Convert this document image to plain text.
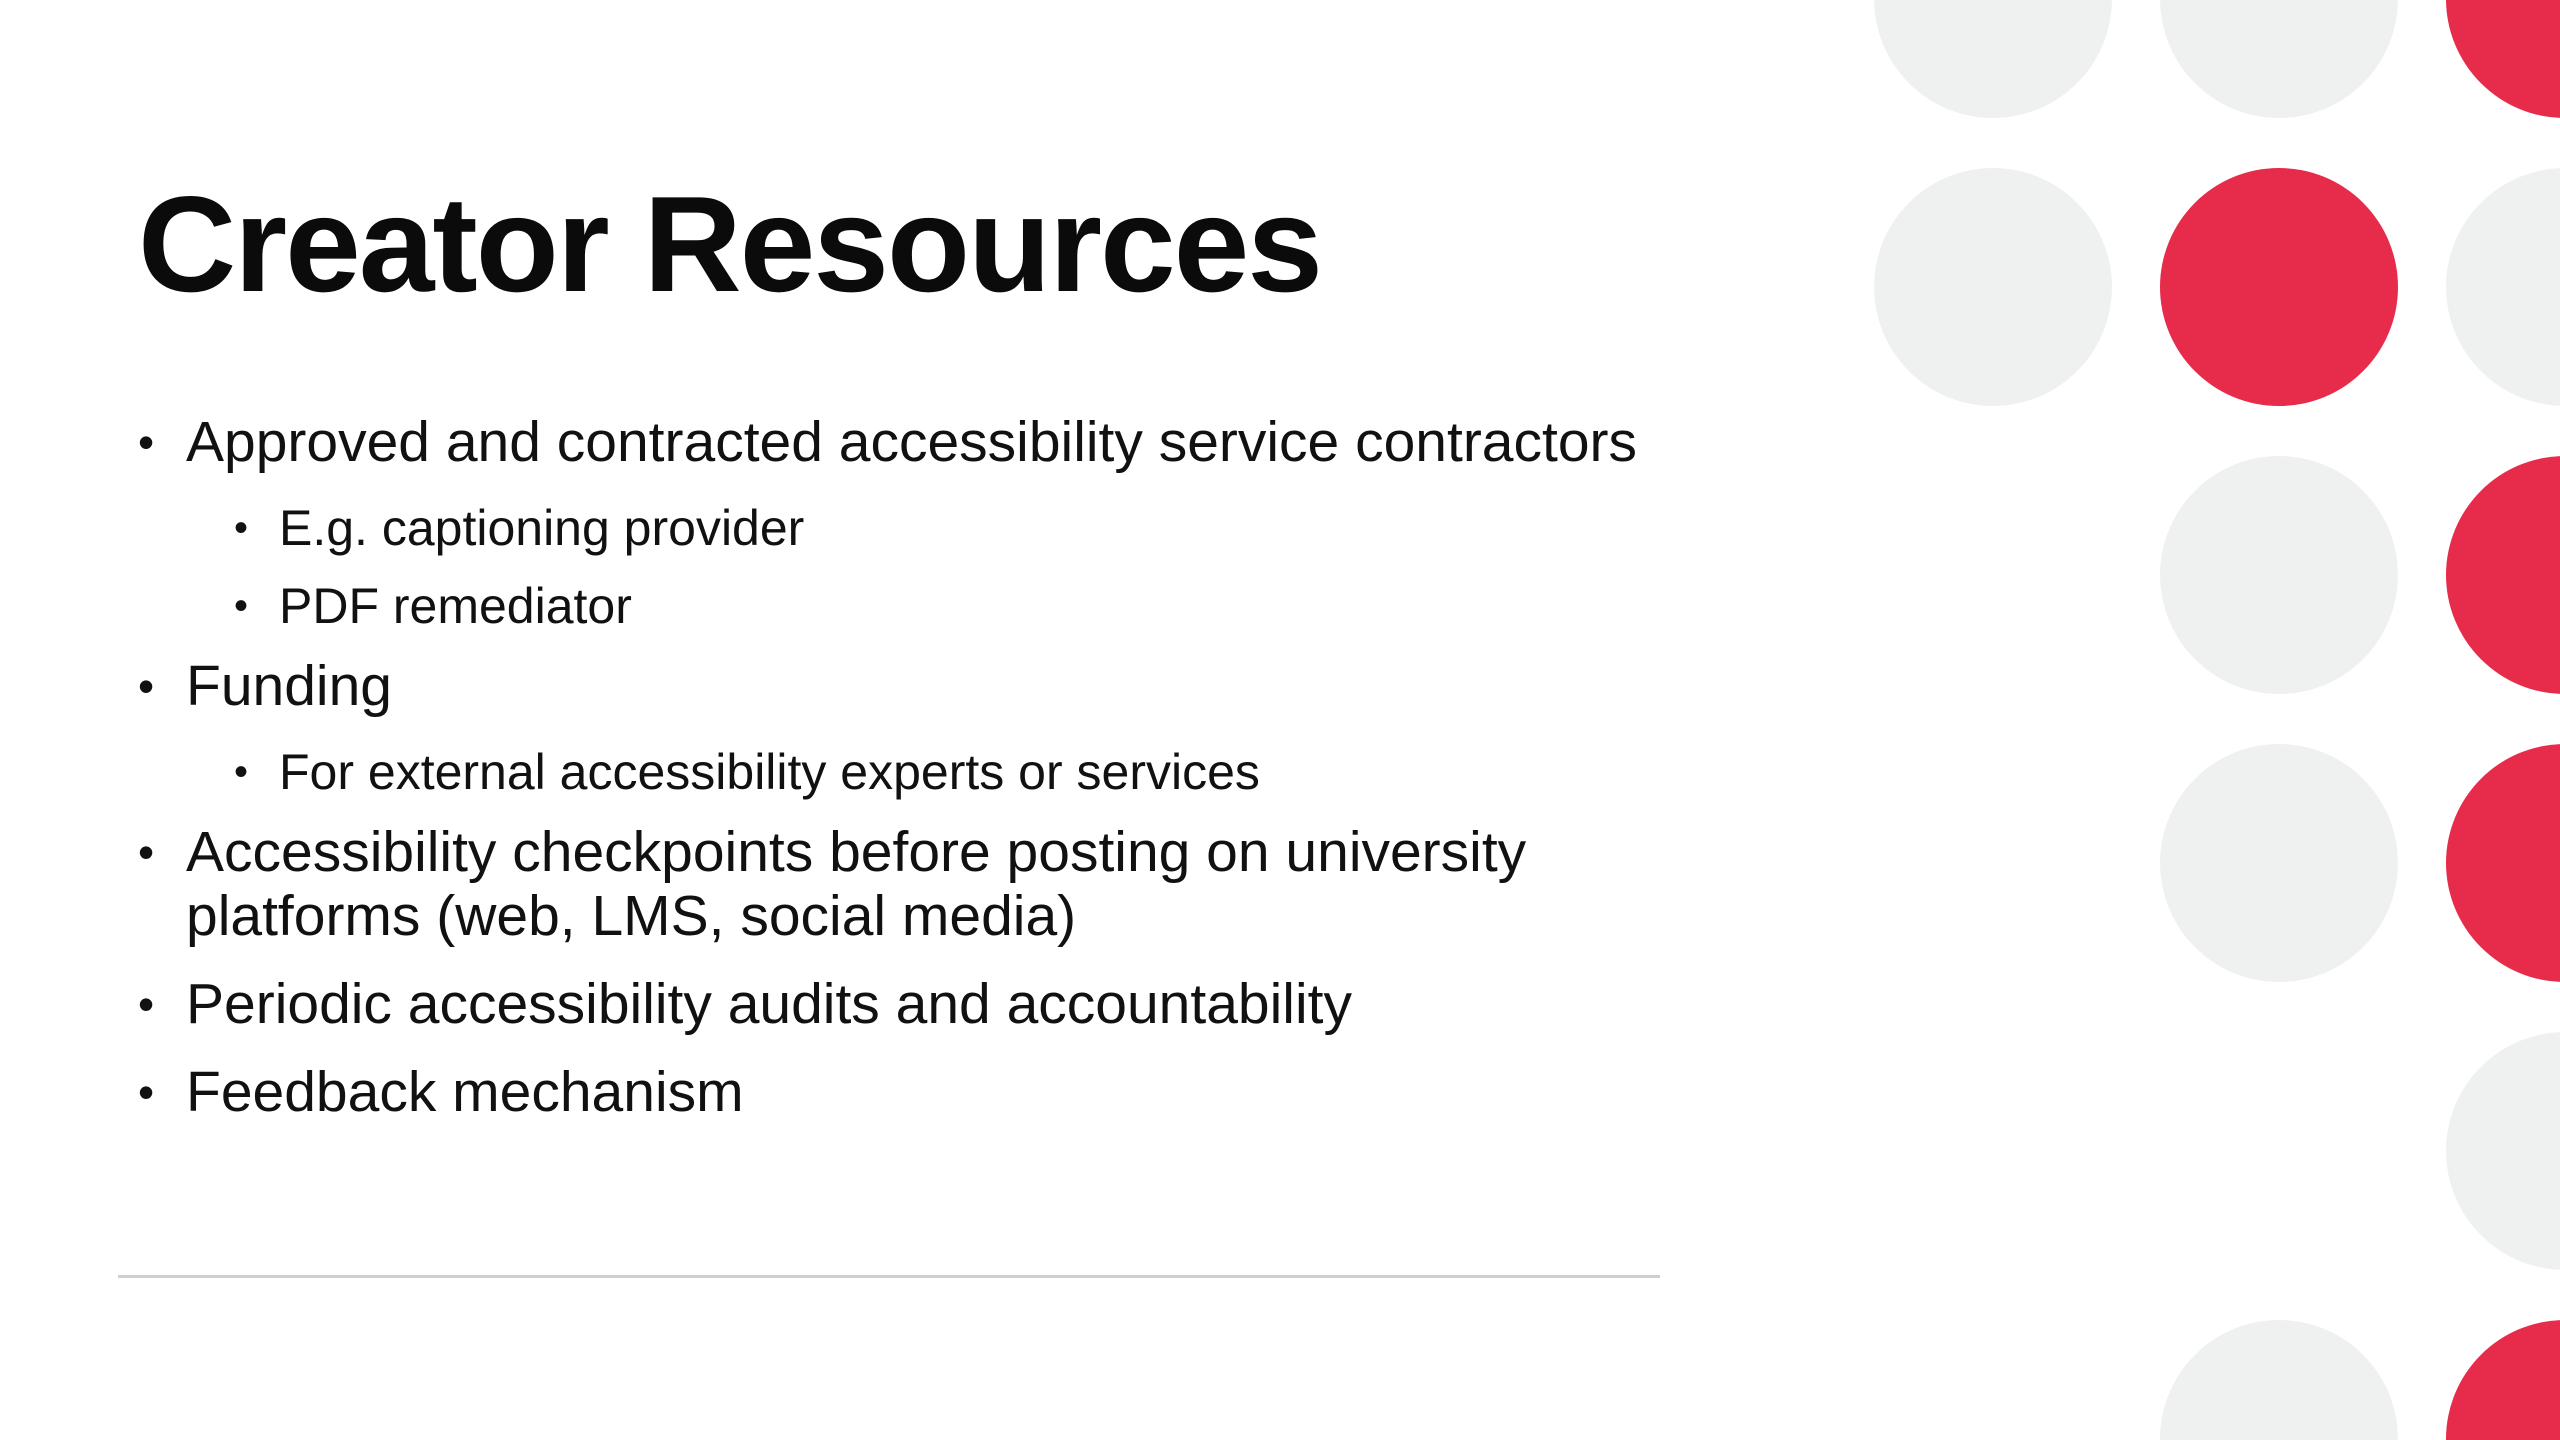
Creator Resources
• Approved and contracted accessibility service contractors
• E.g. captioning provider
• PDF remediator
• Funding
• For external accessibility experts or services
• Accessibility checkpoints before posting on university platforms (web, LMS, social media)
• Periodic accessibility audits and accountability
• Feedback mechanism
